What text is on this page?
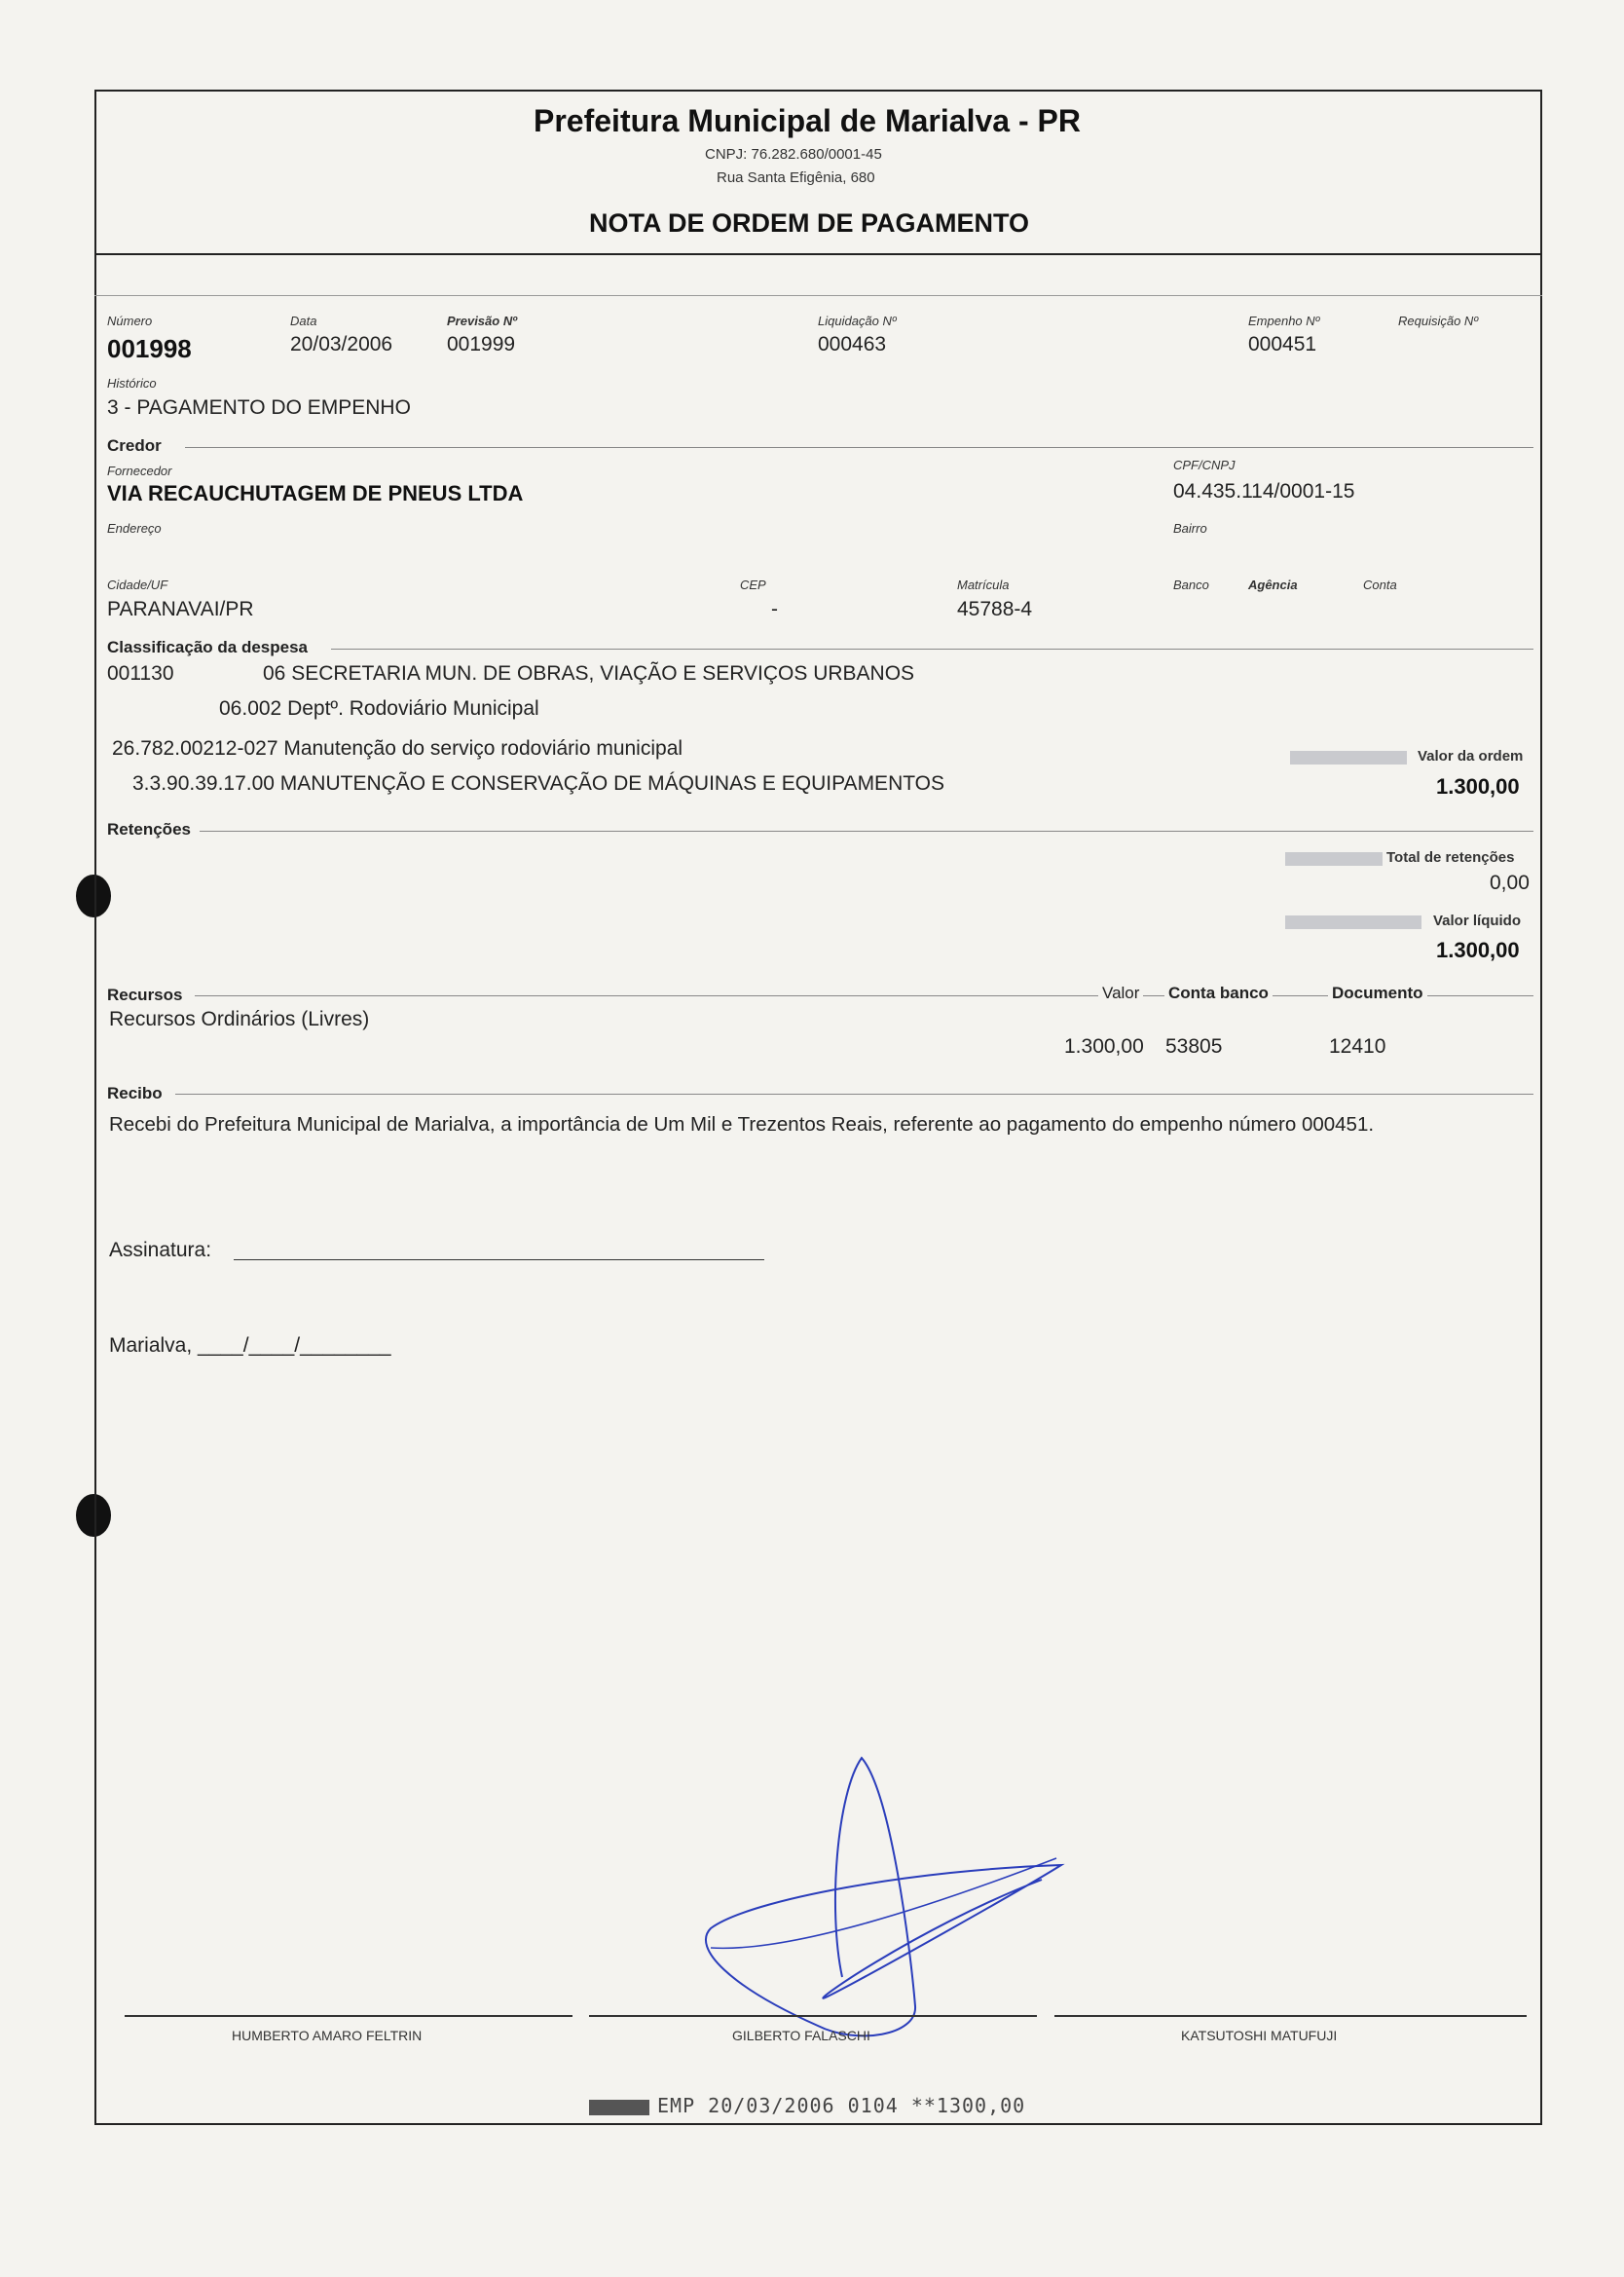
Prefeitura Municipal de Marialva - PR
CNPJ: 76.282.680/0001-45
Rua Santa Efigênia, 680
NOTA DE ORDEM DE PAGAMENTO
Número
001998
Data
20/03/2006
Previsão Nº
001999
Liquidação Nº
000463
Empenho Nº
000451
Requisição Nº
Histórico
3 - PAGAMENTO DO EMPENHO
Credor
Fornecedor
VIA RECAUCHUTAGEM DE PNEUS LTDA
CPF/CNPJ
04.435.114/0001-15
Endereço	Bairro
Cidade/UF
PARANAVAI/PR
CEP
-
Matrícula
45788-4
Banco	Agência	Conta
Classificação da despesa
001130	06 SECRETARIA MUN. DE OBRAS, VIAÇÃO E SERVIÇOS URBANOS
06.002 Deptº. Rodoviário Municipal
26.782.00212-027 Manutenção do serviço rodoviário municipal
3.3.90.39.17.00 MANUTENÇÃO E CONSERVAÇÃO DE MÁQUINAS E EQUIPAMENTOS
Valor da ordem
1.300,00
Retenções
Total de retenções
0,00
Valor líquido
1.300,00
Recursos	Valor Conta banco	Documento
Recursos Ordinários (Livres)
1.300,00 53805	12410
Recibo
Recebi do Prefeitura Municipal de Marialva, a importância de Um Mil e Trezentos Reais, referente ao pagamento do empenho número 000451.
Assinatura:
Marialva, ____/____/________
HUMBERTO AMARO FELTRIN	GILBERTO FALASCHI	KATSUTOSHI MATUFUJI
EMP 20/03/2006 0104 **1300,00
